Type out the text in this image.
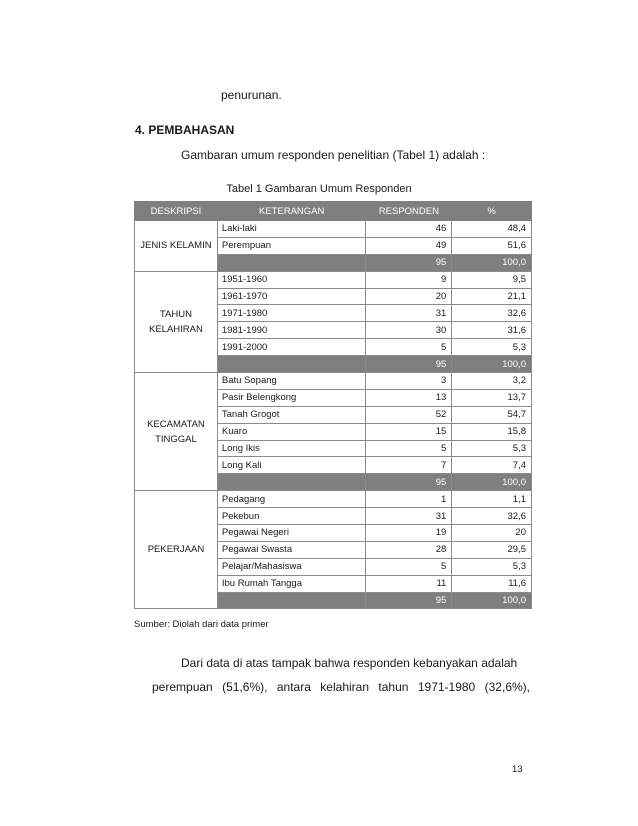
penurunan.
4. PEMBAHASAN
Gambaran umum responden penelitian (Tabel 1) adalah :
Tabel 1 Gambaran Umum Responden
DESKRIPSI	KETERANGAN	RESPONDEN	%
JENIS KELAMIN	Laki-laki	46	48,4
	Perempuan	49	51,6
		95	100,0
TAHUN KELAHIRAN	1951-1960	9	9,5
	1961-1970	20	21,1
	1971-1980	31	32,6
	1981-1990	30	31,6
	1991-2000	5	5,3
		95	100,0
KECAMATAN TINGGAL	Batu Sopang	3	3,2
	Pasir Belengkong	13	13,7
	Tanah Grogot	52	54,7
	Kuaro	15	15,8
	Long Ikis	5	5,3
	Long Kali	7	7,4
		95	100,0
PEKERJAAN	Pedagang	1	1,1
	Pekebun	31	32,6
	Pegawai Negeri	19	20
	Pegawai Swasta	28	29,5
	Pelajar/Mahasiswa	5	5,3
	Ibu Rumah Tangga	11	11,6
		95	100,0
Sumber: Diolah dari data primer
Dari data di atas tampak bahwa responden kebanyakan adalah
perempuan (51,6%), antara kelahiran tahun 1971-1980 (32,6%),
13
